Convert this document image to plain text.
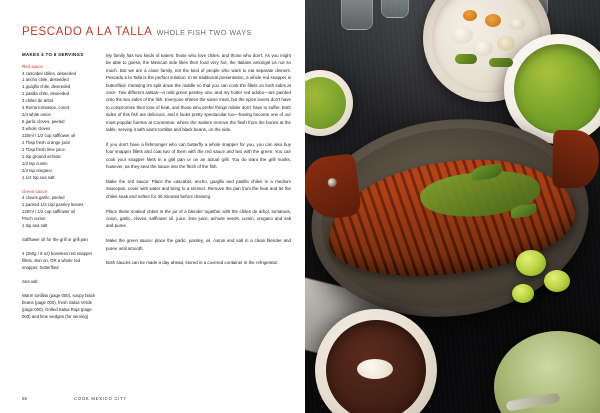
PESCADO A LA TALLA WHOLE FISH TWO WAYS
MAKES 4 TO 6 SERVINGS

Red sauce

4 cascabel chiles, deseeded
1 ancho chile, deseeded
1 guajillo chile, deseeded
1 pasilla chile, deseeded
3 chiles de árbol
4 Roma tomatoes, cored
1/4 white onion
5 garlic cloves, peeled
3 whole cloves
120ml / 1/2 cup safflower oil
2 Tbsp fresh orange juice
1 Tbsp fresh lime juice
1 tsp ground achiote
1/4 tsp cumin
1/4 tsp oregano
1 1/2 tsp sea salt

Green sauce

4 cloves garlic, peeled
1 packed 1/2 cup parsley leaves
120ml / 1/2 cup safflower oil
Pinch cumin
1 tsp sea salt

Safflower oil for the grill or grill pan

4 (250g / 8 oz) boneless red snapper fillets, skin on, OR a whole red snapper, butterflied

Sea salt

Warm tortillas (page 000), soupy black beans (page 000), fresh Salsa Verde (page 000), Grilled Salsa Roja (page 000) and lime wedges (for serving)

My family has two kinds of eaters: those who love chiles, and those who don't. As you might be able to guess, the Mexican side likes their food very hot, the Italians amongst us not so much. But we are a close family, not the kind of people who want to eat separate dinners. Pescado a la Talla is the perfect solution. In its traditional presentation, a whole red snapper is butterflied, meaning it's split down the middle so that you can cook the fillets on both sides at once. Two different salsas—a mild green parsley one, and my hotter red adobo—are painted onto the two sides of the fish. Everyone shares the same meal, but the spice lovers don't have to compromise their love of heat, and those who prefer things milder don't have to suffer. Both sides of this fish are delicious, and it looks pretty spectacular too—having become one of our most popular fuertes at Contramar, where the waiters remove the flesh from the bones at the table, serving it with warm tortillas and black beans, on the side.

If you don't have a fishmonger who can butterfly a whole snapper for you, you can also buy four snapper fillets and coat two of them with the red sauce and two with the green. You can cook your snapper filets in a grill pan or on an actual grill. You do want the grill marks, however, as they sear the sauce into the flesh of the fish.

Make the red sauce: Place the cascabel, ancho, guajillo and pasilla chiles in a medium saucepan, cover with water and bring to a simmer. Remove the pan from the heat and let the chiles soak and soften for 30 minutes before draining.

Place these soaked chiles in the jar of a blender together with the chiles de árbol, tomatoes, onion, garlic, cloves, safflower oil, juice, lime juice, achiote seeds, cumin, oregano and salt and puree.

Make the green sauce: place the garlic, parsley, oil, cumin and salt in a clean blender and puree until smooth.

Both sauces can be made a day ahead, stored in a covered container in the refrigerator.

56	COOK MEXICO CITY
